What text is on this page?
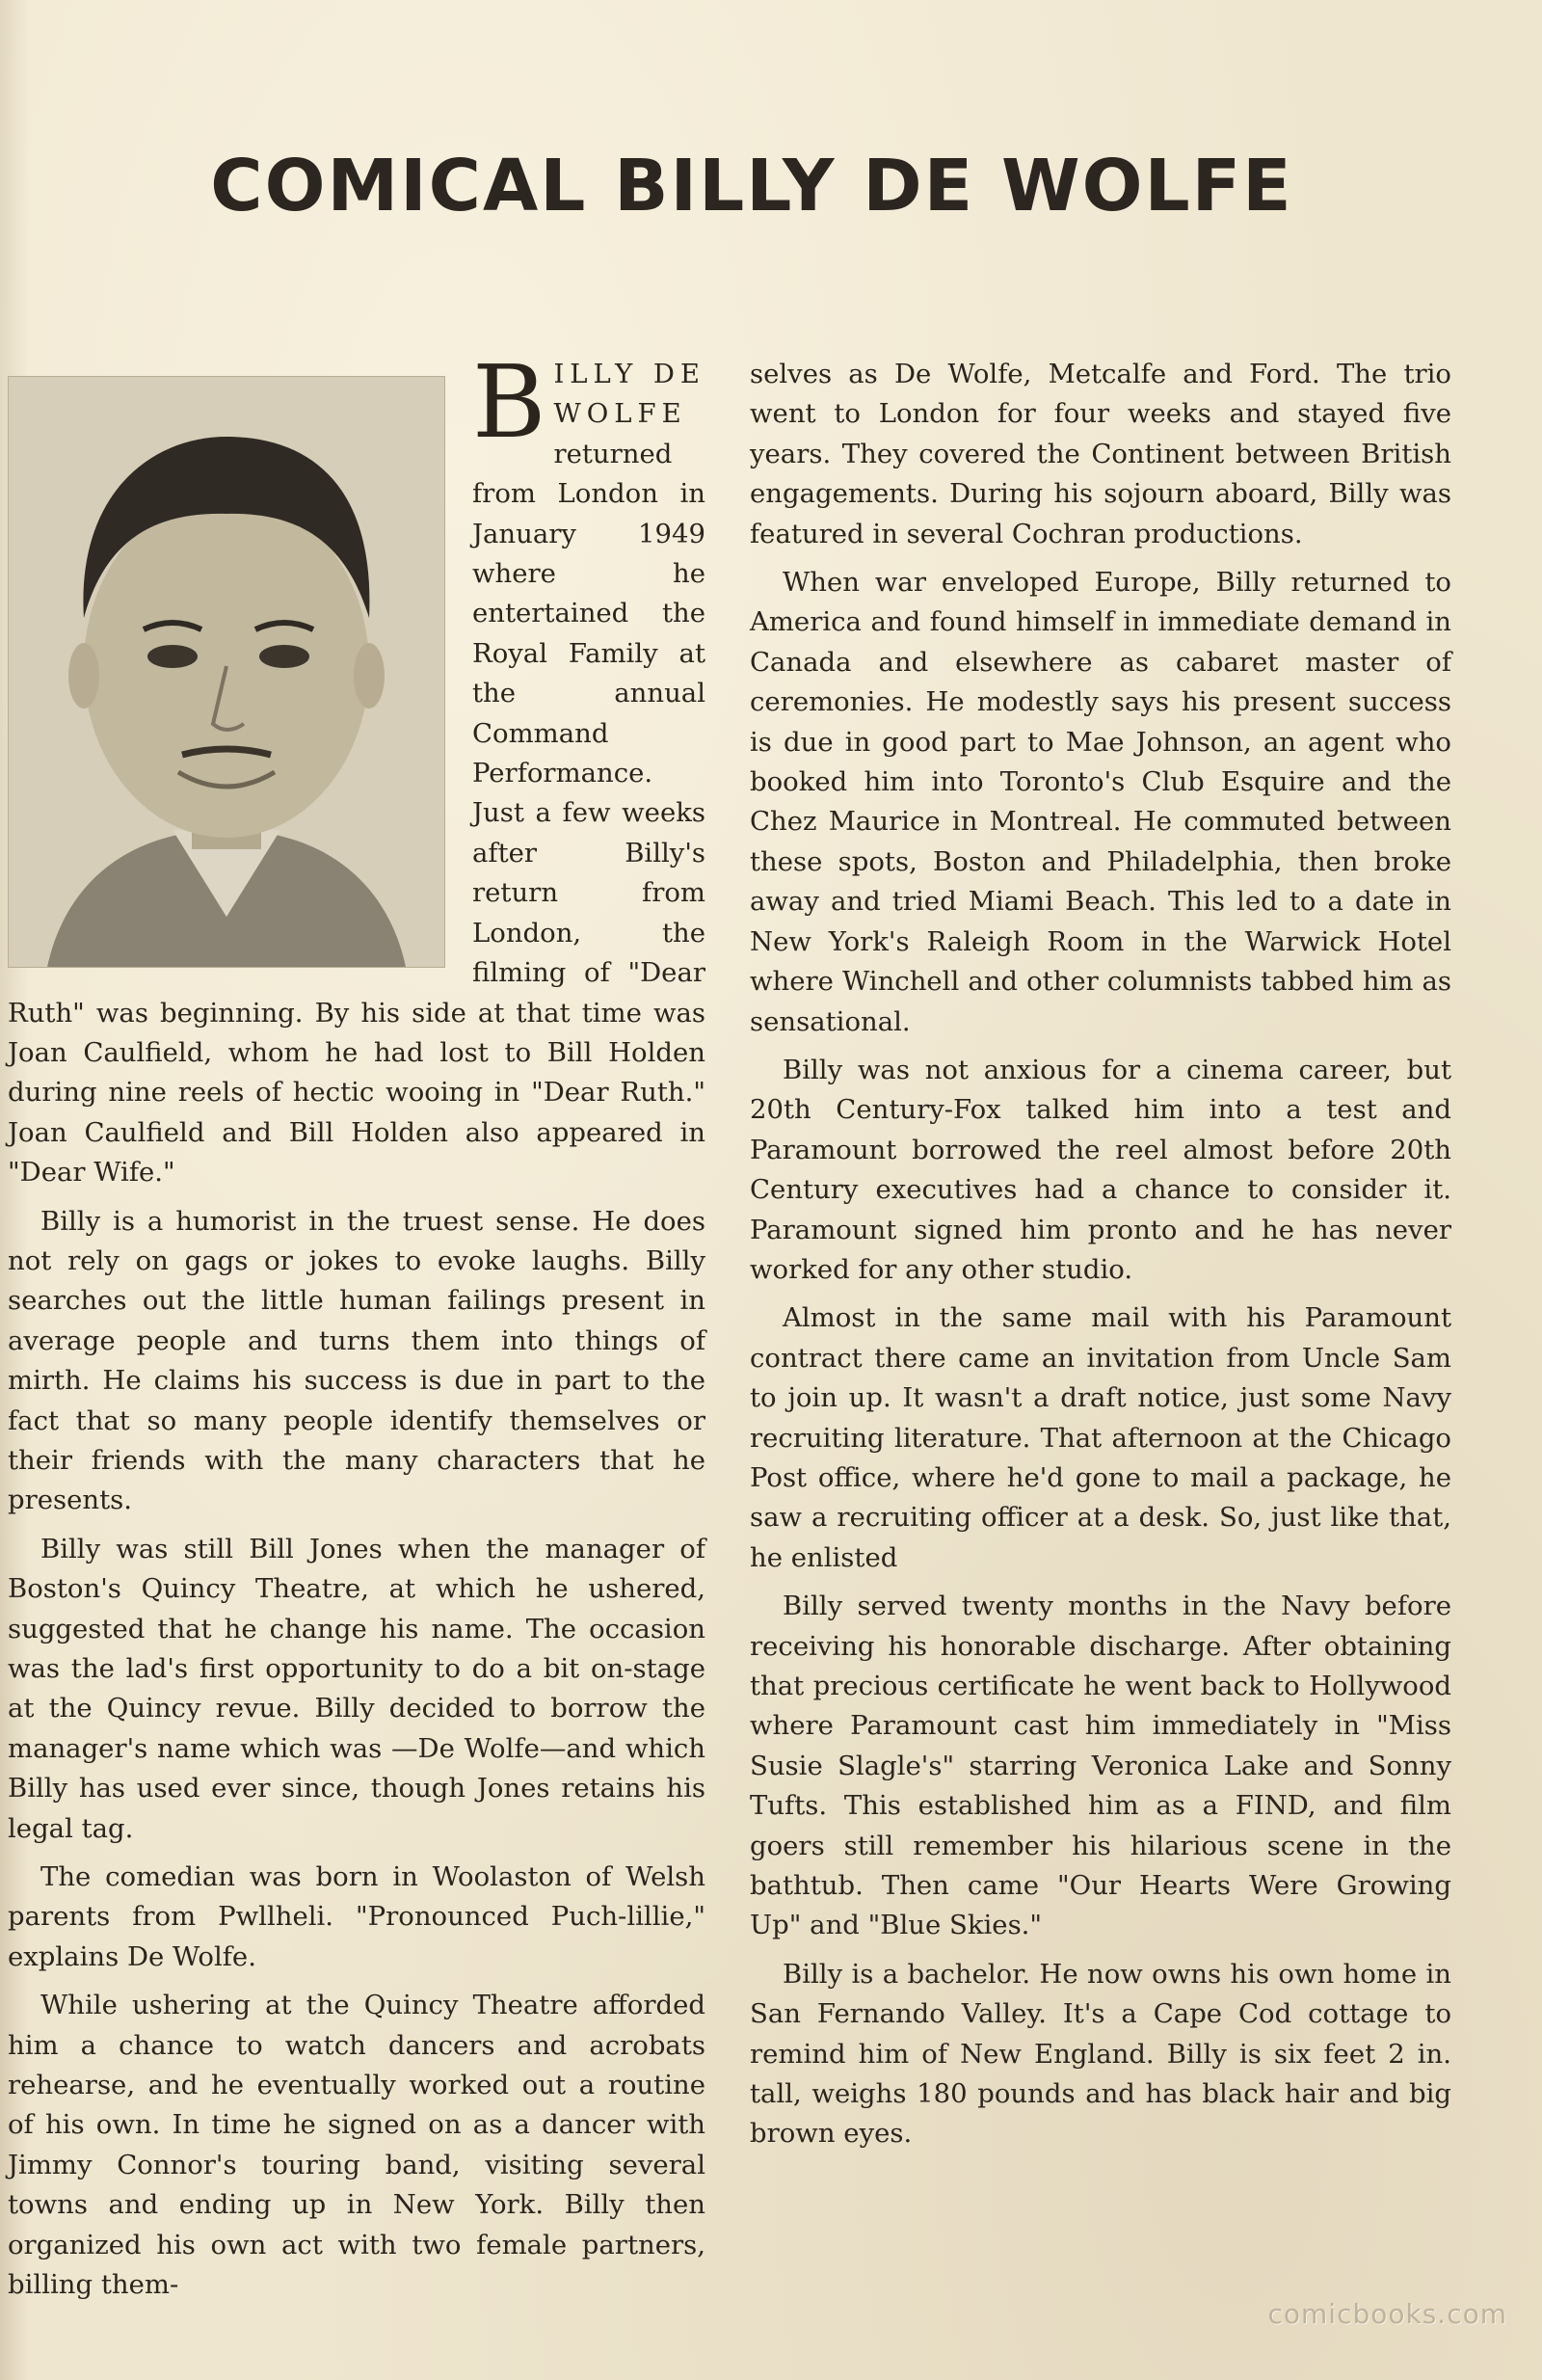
COMICAL BILLY DE WOLFE

BILLY DE WOLFE returned from London in January 1949 where he entertained the Royal Family at the annual Command Performance. Just a few weeks after Billy's return from London, the filming of "Dear Ruth" was beginning. By his side at that time was Joan Caulfield, whom he had lost to Bill Holden during nine reels of hectic wooing in "Dear Ruth." Joan Caulfield and Bill Holden also appeared in "Dear Wife."

Billy is a humorist in the truest sense. He does not rely on gags or jokes to evoke laughs. Billy searches out the little human failings present in average people and turns them into things of mirth. He claims his success is due in part to the fact that so many people identify themselves or their friends with the many characters that he presents.

Billy was still Bill Jones when the manager of Boston's Quincy Theatre, at which he ushered, suggested that he change his name. The occasion was the lad's first opportunity to do a bit on-stage at the Quincy revue. Billy decided to borrow the manager's name which was —De Wolfe—and which Billy has used ever since, though Jones retains his legal tag.

The comedian was born in Woolaston of Welsh parents from Pwllheli. "Pronounced Puch-lillie," explains De Wolfe.

While ushering at the Quincy Theatre afforded him a chance to watch dancers and acrobats rehearse, and he eventually worked out a routine of his own. In time he signed on as a dancer with Jimmy Connor's touring band, visiting several towns and ending up in New York. Billy then organized his own act with two female partners, billing them-

selves as De Wolfe, Metcalfe and Ford. The trio went to London for four weeks and stayed five years. They covered the Continent between British engagements. During his sojourn aboard, Billy was featured in several Cochran productions.

When war enveloped Europe, Billy returned to America and found himself in immediate demand in Canada and elsewhere as cabaret master of ceremonies. He modestly says his present success is due in good part to Mae Johnson, an agent who booked him into Toronto's Club Esquire and the Chez Maurice in Montreal. He commuted between these spots, Boston and Philadelphia, then broke away and tried Miami Beach. This led to a date in New York's Raleigh Room in the Warwick Hotel where Winchell and other columnists tabbed him as sensational.

Billy was not anxious for a cinema career, but 20th Century-Fox talked him into a test and Paramount borrowed the reel almost before 20th Century executives had a chance to consider it. Paramount signed him pronto and he has never worked for any other studio.

Almost in the same mail with his Paramount contract there came an invitation from Uncle Sam to join up. It wasn't a draft notice, just some Navy recruiting literature. That afternoon at the Chicago Post office, where he'd gone to mail a package, he saw a recruiting officer at a desk. So, just like that, he enlisted

Billy served twenty months in the Navy before receiving his honorable discharge. After obtaining that precious certificate he went back to Hollywood where Paramount cast him immediately in "Miss Susie Slagle's" starring Veronica Lake and Sonny Tufts. This established him as a FIND, and film goers still remember his hilarious scene in the bathtub. Then came "Our Hearts Were Growing Up" and "Blue Skies."

Billy is a bachelor. He now owns his own home in San Fernando Valley. It's a Cape Cod cottage to remind him of New England. Billy is six feet 2 in. tall, weighs 180 pounds and has black hair and big brown eyes.

comicbooks.com
